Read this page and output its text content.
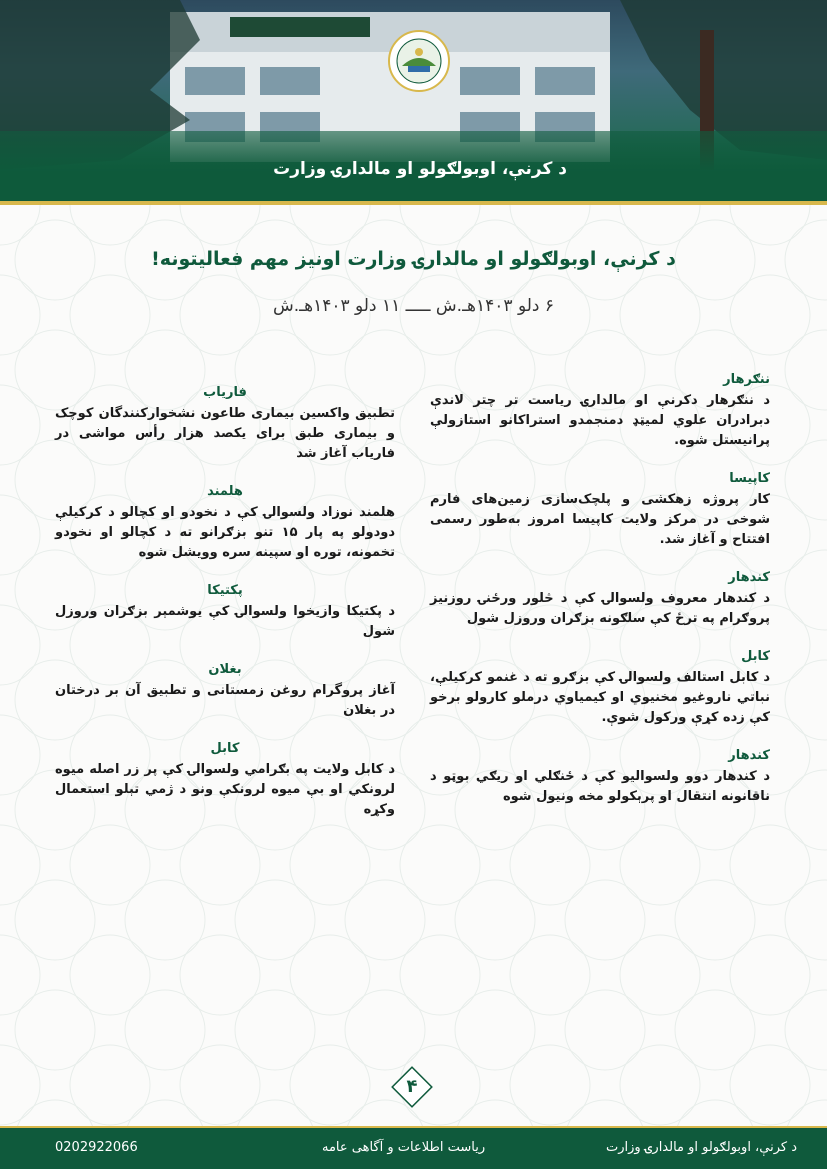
د کرنې، اوبولګولو او مالدارۍ وزارت
د کرنې، اوبولګولو او مالدارۍ وزارت اونيز مهم فعالیتونه!
۶ دلو ۱۴۰۳هـ.ش ـــــ ۱۱ دلو ۱۴۰۳هـ.ش
ننګرهار
د ننګرهار دکرنې او مالدارۍ رياست تر چتر لاندې دبرادران علوي لميټډ دمنجمدو استراکانو استازولې پرانيستل شوه.
کاپیسا
کار پروژه زهکشی و پلچک‌سازی زمین‌های فارم شوخی در مرکز ولایت کاپیسا امروز به‌طور رسمی افتتاح و آغاز شد.
کندهار
د کندهار معروف ولسوالۍ کې د څلور ورځنۍ روزنيز پروګرام په ترځ کې سلګونه بزګران وروزل شول
کابل
د کابل استالف ولسوالۍ کې بزګرو ته د غنمو کرکيلې، نباتي ناروغيو مخنيوي او کيمياوي درملو کارولو برخو کې زده کړې ورکول شوې.
کندهار
د کندهار دوو ولسواليو کې د ځنګلي او ريګي بوټو د ناقانونه انتقال او پرېکولو مخه ونيول شوه
فاریاب
تطبیق واکسین بیماری طاعون نشخوارکنندگان کوچک و بیماری طبق برای یکصد هزار رأس مواشی در فاریاب آغاز شد
هلمند
هلمند نوزاد ولسوالۍ کې د نخودو او کچالو د کرکيلې دودولو په پار ۱۵ تنو بزګرانو ته د کچالو او نخودو تخمونه، توره او سپينه سره وويشل شوه
پکتیکا
د پکتيکا وازيخوا ولسوالۍ کې يوشمېر بزګران وروزل شول
بغلان
آغاز پروگرام روغن زمستانی و تطبیق آن بر درختان در بغلان
کابل
د کابل ولايت په بګرامي ولسوالۍ کې پر زر اصله ميوه لرونکي او بې ميوه لرونکې ونو د ژمي تېلو استعمال وکړه
۴
د کرنې، اوبولګولو او مالدارۍ وزارت
ریاست اطلاعات و آگاهی عامه
0202922066
